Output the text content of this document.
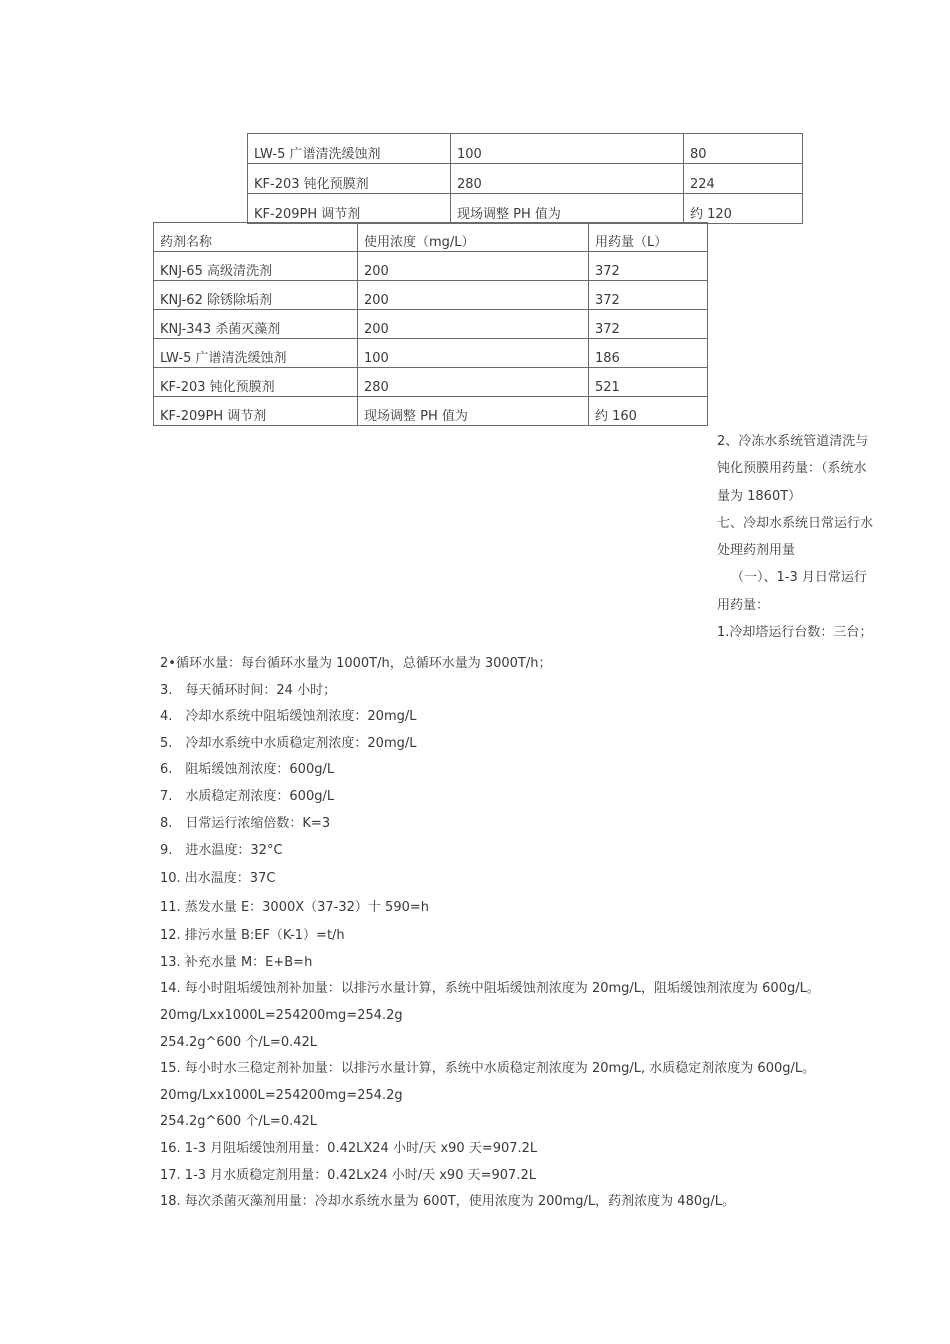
LW-5 广谱清洗缓蚀剂	100	80
KF-203 钝化预膜剂	280	224
KF-209PH 调节剂	现场调整 PH 值为	约 120
药剂名称	使用浓度（mg/L）	用药量（L）
KNJ-65 高级清洗剂	200	372
KNJ-62 除锈除垢剂	200	372
KNJ-343 杀菌灭藻剂	200	372
LW-5 广谱清洗缓蚀剂	100	186
KF-203 钝化预膜剂	280	521
KF-209PH 调节剂	现场调整 PH 值为	约 160

2、冷冻水系统管道清洗与

钝化预膜用药量：（系统水

量为 1860T）

七、冷却水系统日常运行水

处理药剂用量

（一）、1-3 月日常运行

用药量：

1.冷却塔运行台数：三台；

2•循环水量：每台循环水量为 1000T/h，总循环水量为 3000T/h；

3.　每天循环时间：24 小时；

4.　冷却水系统中阻垢缓蚀剂浓度：20mg/L

5.　冷却水系统中水质稳定剂浓度：20mg/L

6.　阻垢缓蚀剂浓度：600g/L

7.　水质稳定剂浓度：600g/L

8.　日常运行浓缩倍数：K=3

9.　进水温度：32°C

10. 出水温度：37C

11. 蒸发水量 E：3000X（37-32）十 590=h

12. 排污水量 B:EF（K-1）=t/h

13. 补充水量 M：E+B=h

14. 每小时阻垢缓蚀剂补加量：以排污水量计算，系统中阻垢缓蚀剂浓度为 20mg/L，阻垢缓蚀剂浓度为 600g/L。

20mg/Lxx1000L=254200mg=254.2g

254.2g^600 个/L=0.42L

15. 每小时水三稳定剂补加量：以排污水量计算，系统中水质稳定剂浓度为 20mg/L, 水质稳定剂浓度为 600g/L。

20mg/Lxx1000L=254200mg=254.2g

254.2g^600 个/L=0.42L

16. 1-3 月阻垢缓蚀剂用量：0.42LX24 小时/天 x90 天=907.2L

17. 1-3 月水质稳定剂用量：0.42Lx24 小时/天 x90 天=907.2L

18. 每次杀菌灭藻剂用量：冷却水系统水量为 600T，使用浓度为 200mg/L，药剂浓度为 480g/L。
